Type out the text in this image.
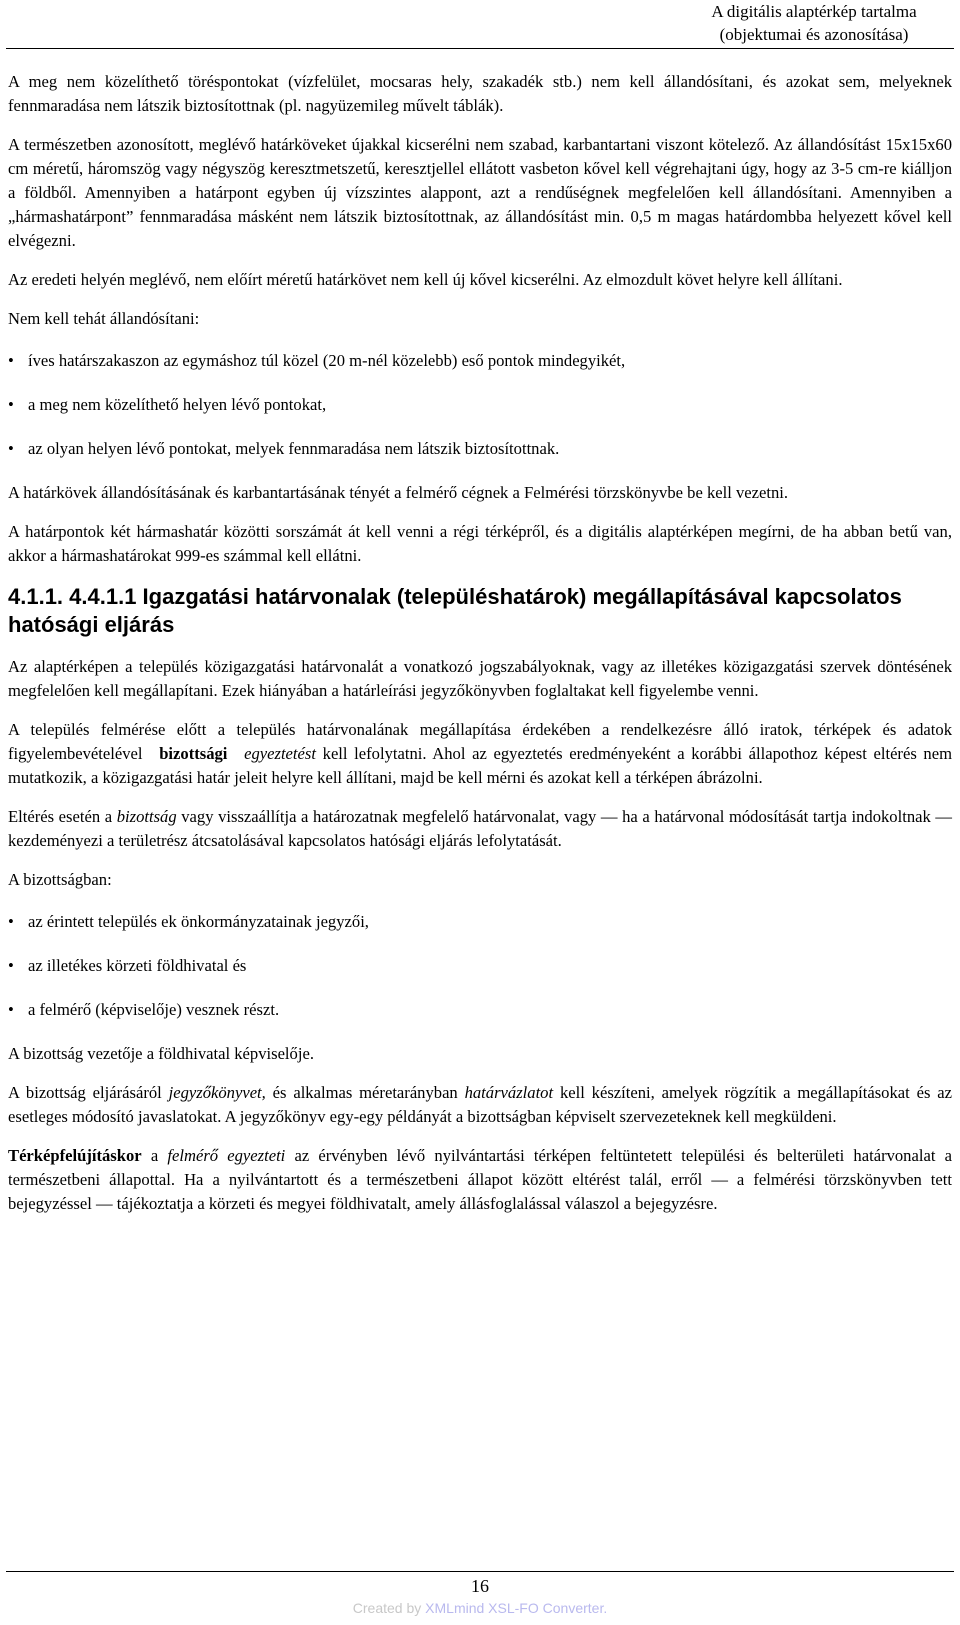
A digitális alaptérkép tartalma
(objektumai és azonosítása)

A meg nem közelíthető töréspontokat (vízfelület, mocsaras hely, szakadék stb.) nem kell állandósítani, és azokat sem, melyeknek fennmaradása nem látszik biztosítottnak (pl. nagyüzemileg művelt táblák).

A természetben azonosított, meglévő határköveket újakkal kicserélni nem szabad, karbantartani viszont kötelező. Az állandósítást 15x15x60 cm méretű, háromszög vagy négyszög keresztmetszetű, keresztjellel ellátott vasbeton kővel kell végrehajtani úgy, hogy az 3-5 cm-re kiálljon a földből. Amennyiben a határpont egyben új vízszintes alappont, azt a rendűségnek megfelelően kell állandósítani. Amennyiben a „hármashatárpont” fennmaradása másként nem látszik biztosítottnak, az állandósítást min. 0,5 m magas határdombba helyezett kővel kell elvégezni.

Az eredeti helyén meglévő, nem előírt méretű határkövet nem kell új kővel kicserélni. Az elmozdult követ helyre kell állítani.

Nem kell tehát állandósítani:

• íves határszakaszon az egymáshoz túl közel (20 m-nél közelebb) eső pontok mindegyikét,
• a meg nem közelíthető helyen lévő pontokat,
• az olyan helyen lévő pontokat, melyek fennmaradása nem látszik biztosítottnak.

A határkövek állandósításának és karbantartásának tényét a felmérő cégnek a Felmérési törzskönyvbe be kell vezetni.

A határpontok két hármashatár közötti sorszámát át kell venni a régi térképről, és a digitális alaptérképen megírni, de ha abban betű van, akkor a hármashatárokat 999-es számmal kell ellátni.

4.1.1. 4.4.1.1 Igazgatási határvonalak (településhatárok) megállapításával kapcsolatos hatósági eljárás

Az alaptérképen a település közigazgatási határvonalát a vonatkozó jogszabályoknak, vagy az illetékes közigazgatási szervek döntésének megfelelően kell megállapítani. Ezek hiányában a határleírási jegyzőkönyvben foglaltakat kell figyelembe venni.

A település felmérése előtt a település határvonalának megállapítása érdekében a rendelkezésre álló iratok, térképek és adatok figyelembevételével bizottsági egyeztetést kell lefolytatni. Ahol az egyeztetés eredményeként a korábbi állapothoz képest eltérés nem mutatkozik, a közigazgatási határ jeleit helyre kell állítani, majd be kell mérni és azokat kell a térképen ábrázolni.

Eltérés esetén a bizottság vagy visszaállítja a határozatnak megfelelő határvonalat, vagy — ha a határvonal módosítását tartja indokoltnak — kezdeményezi a területrész átcsatolásával kapcsolatos hatósági eljárás lefolytatását.

A bizottságban:

• az érintett település ek önkormányzatainak jegyzői,
• az illetékes körzeti földhivatal és
• a felmérő (képviselője) vesznek részt.

A bizottság vezetője a földhivatal képviselője.

A bizottság eljárásáról jegyzőkönyvet, és alkalmas méretarányban határvázlatot kell készíteni, amelyek rögzítik a megállapításokat és az esetleges módosító javaslatokat. A jegyzőkönyv egy-egy példányát a bizottságban képviselt szervezeteknek kell megküldeni.

Térképfelújításkor a felmérő egyezteti az érvényben lévő nyilvántartási térképen feltüntetett települési és belterületi határvonalat a természetbeni állapottal. Ha a nyilvántartott és a természetbeni állapot között eltérést talál, erről — a felmérési törzskönyvben tett bejegyzéssel — tájékoztatja a körzeti és megyei földhivatalt, amely állásfoglalással válaszol a bejegyzésre.

16
Created by XMLmind XSL-FO Converter.
